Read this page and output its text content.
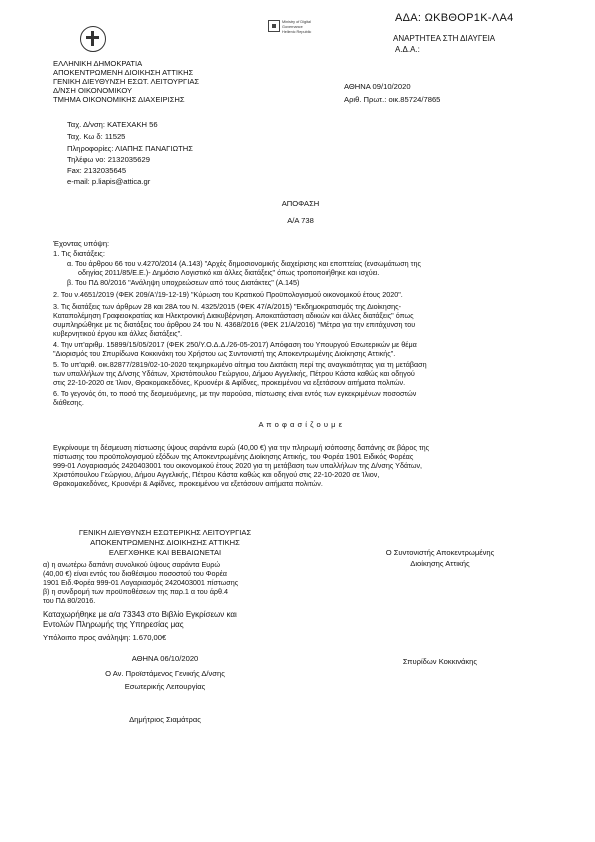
ΑΔΑ: ΩΚΒΘΟΡ1Κ-ΛΑ4
Ministry of Digital
Governance
Hellenic Republic
ΑΝΑΡΤΗΤΕΑ ΣΤΗ ΔΙΑΥΓΕΙΑ
Α.Δ.Α.:
ΕΛΛΗΝΙΚΗ ΔΗΜΟΚΡΑΤΙΑ
ΑΠΟΚΕΝΤΡΩΜΕΝΗ ΔΙΟΙΚΗΣΗ ΑΤΤΙΚΗΣ
ΓΕΝΙΚΗ ΔΙΕΥΘΥΝΣΗ ΕΣΩΤ. ΛΕΙΤΟΥΡΓΙΑΣ
Δ/ΝΣΗ ΟΙΚΟΝΟΜΙΚΟΥ
ΤΜΗΜΑ ΟΙΚΟΝΟΜΙΚΗΣ ΔΙΑΧΕΙΡΙΣΗΣ
ΑΘΗΝΑ 09/10/2020
Αριθ. Πρωτ.: οικ.85724/7865
Ταχ. Δ/νση: ΚΑΤΕΧΑΚΗ 56
Ταχ. Κω δ: 11525
Πληροφορίες: ΛΙΑΠΗΣ ΠΑΝΑΓΙΩΤΗΣ
Τηλέφω νο: 2132035629
Fax: 2132035645
e-mail: p.liapis@attica.gr
ΑΠΟΦΑΣΗ
Α/Α 738
Έχοντας υπόψη:
1. Τις διατάξεις:
α. Του άρθρου 66 του ν.4270/2014 (Α.143) "Αρχές δημοσιονομικής διαχείρισης και εποπτείας (ενσωμάτωση της
οδηγίας 2011/85/Ε.Ε.)- Δημόσιο Λογιστικό και άλλες διατάξεις" όπως τροποποιήθηκε και ισχύει.
β. Του ΠΔ 80/2016 "Ανάληψη υποχρεώσεων από τους Διατάκτες" (Α.145)
2. Του ν.4651/2019 (ΦΕΚ 209/Α'/19-12-19) "Κύρωση του Κρατικού Προϋπολογισμού οικονομικού έτους 2020".
3. Τις διατάξεις των άρθρων 28 και 28Α του Ν. 4325/2015 (ΦΕΚ 47/Α/2015) "Εκδημοκρατισμός της Διοίκησης-
Καταπολέμηση Γραφειοκρατίας και Ηλεκτρονική Διακυβέρνηση. Αποκατάσταση αδικιών και άλλες διατάξεις" όπως
συμπληρώθηκε με τις διατάξεις του άρθρου 24 του Ν. 4368/2016 (ΦΕΚ 21/Α/2016) "Μέτρα για την επιτάχυνση του
κυβερνητικού έργου και άλλες διατάξεις".
4. Την υπ'αριθμ. 15899/15/05/2017 (ΦΕΚ 250/Υ.Ο.Δ.Δ./26-05-2017) Απόφαση του Υπουργού Εσωτερικών με θέμα
"Διορισμός του Σπυρίδωνα Κοκκινάκη του Χρήστου ως Συντονιστή της Αποκεντρωμένης Διοίκησης Αττικής".
5. Το υπ'αριθ. οικ.82877/2819/02-10-2020 τεκμηριωμένο αίτημα του Διατάκτη περί της αναγκαιότητας για τη μετάβαση
των υπαλλήλων της Δ/νσης Υδάτων, Χριστόπουλου Γεώργιου, Δήμου Αγγελικής, Πέτρου Κάστα καθώς και οδηγού
στις 22-10-2020 σε Ίλιον, Θρακομακεδόνες, Κρυονέρι & Αφίδνες, προκειμένου να εξετάσουν αιτήματα πολιτών.
6. Το γεγονός ότι, το ποσό της δεσμευόμενης, με την παρούσα, πίστωσης είναι εντός των εγκεκριμένων ποσοστών
διάθεσης.
Α π ο φ α σ ί ζ ο υ μ ε
Εγκρίνουμε τη δέσμευση πίστωσης ύψους σαράντα ευρώ (40,00 €) για την πληρωμή ισόποσης δαπάνης σε βάρος της
πίστωσης του προϋπολογισμού εξόδων της Αποκεντρωμένης Διοίκησης Αττικής, του Φορέα 1901 Ειδικός Φορέας
999-01 Λογαριασμός 2420403001 του οικονομικού έτους 2020 για τη μετάβαση των υπαλλήλων της Δ/νσης Υδάτων,
Χριστόπουλου Γεώργιου, Δήμου Αγγελικής, Πέτρου Κάστα καθώς και οδηγού στις 22-10-2020 σε Ίλιον,
Θρακομακεδόνες, Κρυονέρι & Αφίδνες, προκειμένου να εξετάσουν αιτήματα πολιτών.
ΓΕΝΙΚΗ ΔΙΕΥΘΥΝΣΗ ΕΣΩΤΕΡΙΚΗΣ ΛΕΙΤΟΥΡΓΙΑΣ
ΑΠΟΚΕΝΤΡΩΜΕΝΗΣ ΔΙΟΙΚΗΣΗΣ ΑΤΤΙΚΗΣ
ΕΛΕΓΧΘΗΚΕ ΚΑΙ ΒΕΒΑΙΩΝΕΤΑΙ
α) η ανωτέρω δαπάνη συνολικού ύψους σαράντα Ευρώ
(40,00 €) είναι εντός του διαθέσιμου ποσοστού του Φορέα
1901 Ειδ.Φορέα 999-01 Λογαριασμός 2420403001 πίστωσης
β) η συνδρομή των προϋποθέσεων της παρ.1 α του άρθ.4
του ΠΔ 80/2016.
Καταχωρήθηκε με α/α 73343 στο Βιβλίο Εγκρίσεων και
Εντολών Πληρωμής της Υπηρεσίας μας
Υπόλοιπο προς ανάληψη: 1.670,00€
ΑΘΗΝΑ 06/10/2020
Ο Αν. Προϊστάμενος Γενικής Δ/νσης
Εσωτερικής Λειτουργίας
Δημήτριος Σιαμάτρας
Ο Συντονιστής Αποκεντρωμένης
Διοίκησης Αττικής
Σπυρίδων Κοκκινάκης
